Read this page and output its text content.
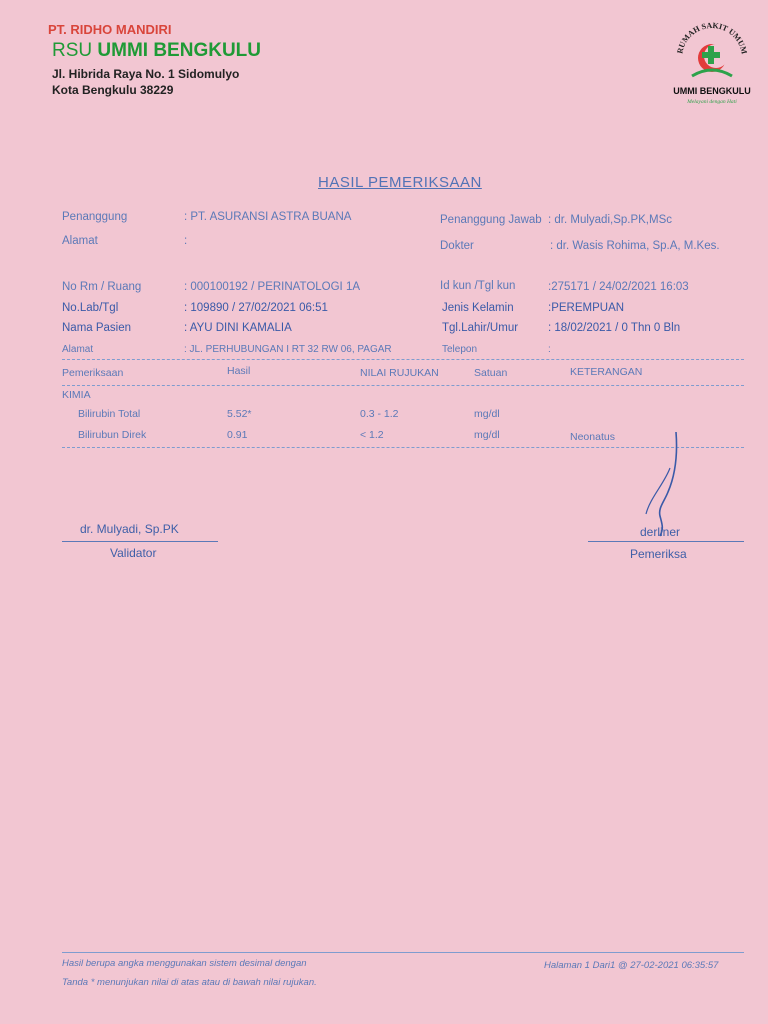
PT. RIDHO MANDIRI
RSU UMMI BENGKULU
Jl. Hibrida Raya No. 1 Sidomulyo
Kota Bengkulu 38229
RUMAH SAKIT UMUM
UMMI BENGKULU
Melayani dengan Hati
HASIL PEMERIKSAAN
Penanggung	: PT. ASURANSI ASTRA BUANA	Penanggung Jawab : dr. Mulyadi,Sp.PK,MSc
Alamat	:	Dokter	: dr. Wasis Rohima, Sp.A, M.Kes.
No Rm / Ruang	: 000100192 / PERINATOLOGI 1A	Id kun /Tgl kun	:275171 / 24/02/2021 16:03
No.Lab/Tgl	: 109890 / 27/02/2021 06:51	Jenis Kelamin	:PEREMPUAN
Nama Pasien	: AYU DINI KAMALIA	Tgl.Lahir/Umur	: 18/02/2021 / 0 Thn 0 Bln
Alamat	: JL. PERHUBUNGAN I RT 32 RW 06, PAGAR	Telepon	:
Pemeriksaan	Hasil	NILAI RUJUKAN	Satuan	KETERANGAN
KIMIA
Bilirubin Total	5.52*	0.3 - 1.2	mg/dl
Bilirubun Direk	0.91	< 1.2	mg/dl	Neonatus
dr. Mulyadi, Sp.PK
Validator
derliner
Pemeriksa
Hasil berupa angka menggunakan sistem desimal dengan
Tanda * menunjukan nilai di atas atau di bawah nilai rujukan.
Halaman 1 Dari1 @ 27-02-2021 06:35:57
